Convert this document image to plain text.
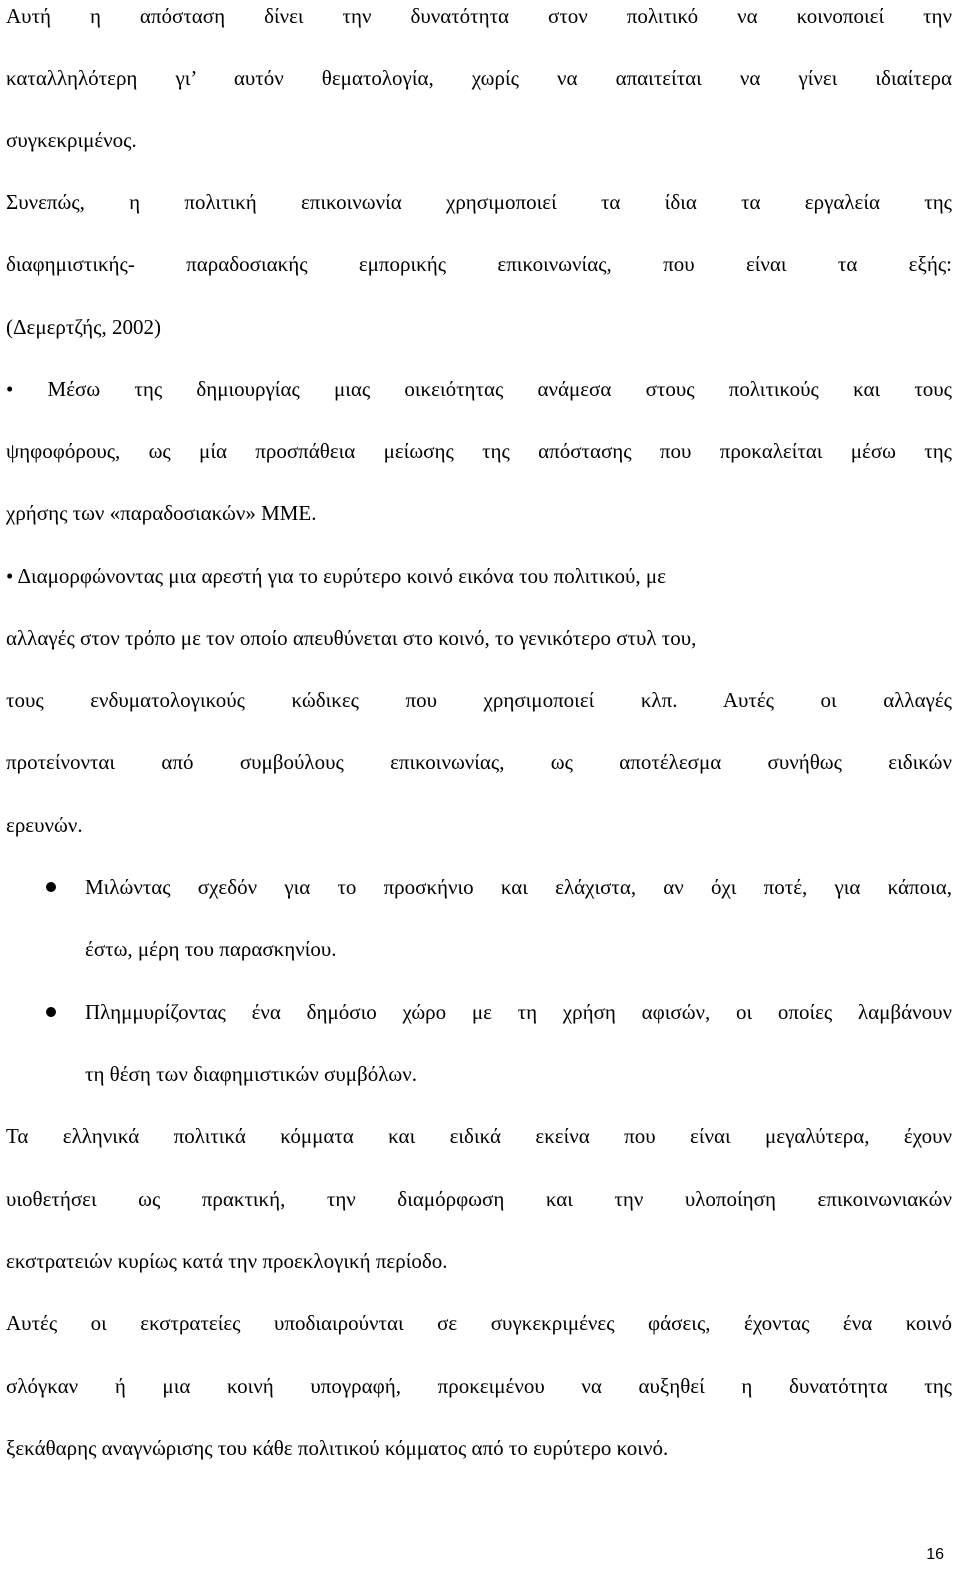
Αυτή η απόσταση δίνει την δυνατότητα στον πολιτικό να κοινοποιεί την
καταλληλότερη γι’ αυτόν θεματολογία, χωρίς να απαιτείται να γίνει ιδιαίτερα
συγκεκριμένος.
Συνεπώς, η πολιτική επικοινωνία χρησιμοποιεί τα ίδια τα εργαλεία της
διαφημιστικής- παραδοσιακής εμπορικής επικοινωνίας, που είναι τα εξής:
(Δεμερτζής, 2002)
• Μέσω της δημιουργίας μιας οικειότητας ανάμεσα στους πολιτικούς και τους
ψηφοφόρους, ως μία προσπάθεια μείωσης της απόστασης που προκαλείται μέσω της
χρήσης των «παραδοσιακών» ΜΜΕ.
• Διαμορφώνοντας μια αρεστή για το ευρύτερο κοινό εικόνα του πολιτικού, με
αλλαγές στον τρόπο με τον οποίο απευθύνεται στο κοινό, το γενικότερο στυλ του,
τους ενδυματολογικούς κώδικες που χρησιμοποιεί κλπ. Αυτές οι αλλαγές
προτείνονται από συμβούλους επικοινωνίας, ως αποτέλεσμα συνήθως ειδικών
ερευνών.
Μιλώντας σχεδόν για το προσκήνιο και ελάχιστα, αν όχι ποτέ, για κάποια,
έστω, μέρη του παρασκηνίου.
Πλημμυρίζοντας ένα δημόσιο χώρο με τη χρήση αφισών, οι οποίες λαμβάνουν
τη θέση των διαφημιστικών συμβόλων.
Τα ελληνικά πολιτικά κόμματα και ειδικά εκείνα που είναι μεγαλύτερα, έχουν
υιοθετήσει ως πρακτική, την διαμόρφωση και την υλοποίηση επικοινωνιακών
εκστρατειών κυρίως κατά την προεκλογική περίοδο.
Αυτές οι εκστρατείες υποδιαιρούνται σε συγκεκριμένες φάσεις, έχοντας ένα κοινό
σλόγκαν ή μια κοινή υπογραφή, προκειμένου να αυξηθεί η δυνατότητα της
ξεκάθαρης αναγνώρισης του κάθε πολιτικού κόμματος από το ευρύτερο κοινό.
16
